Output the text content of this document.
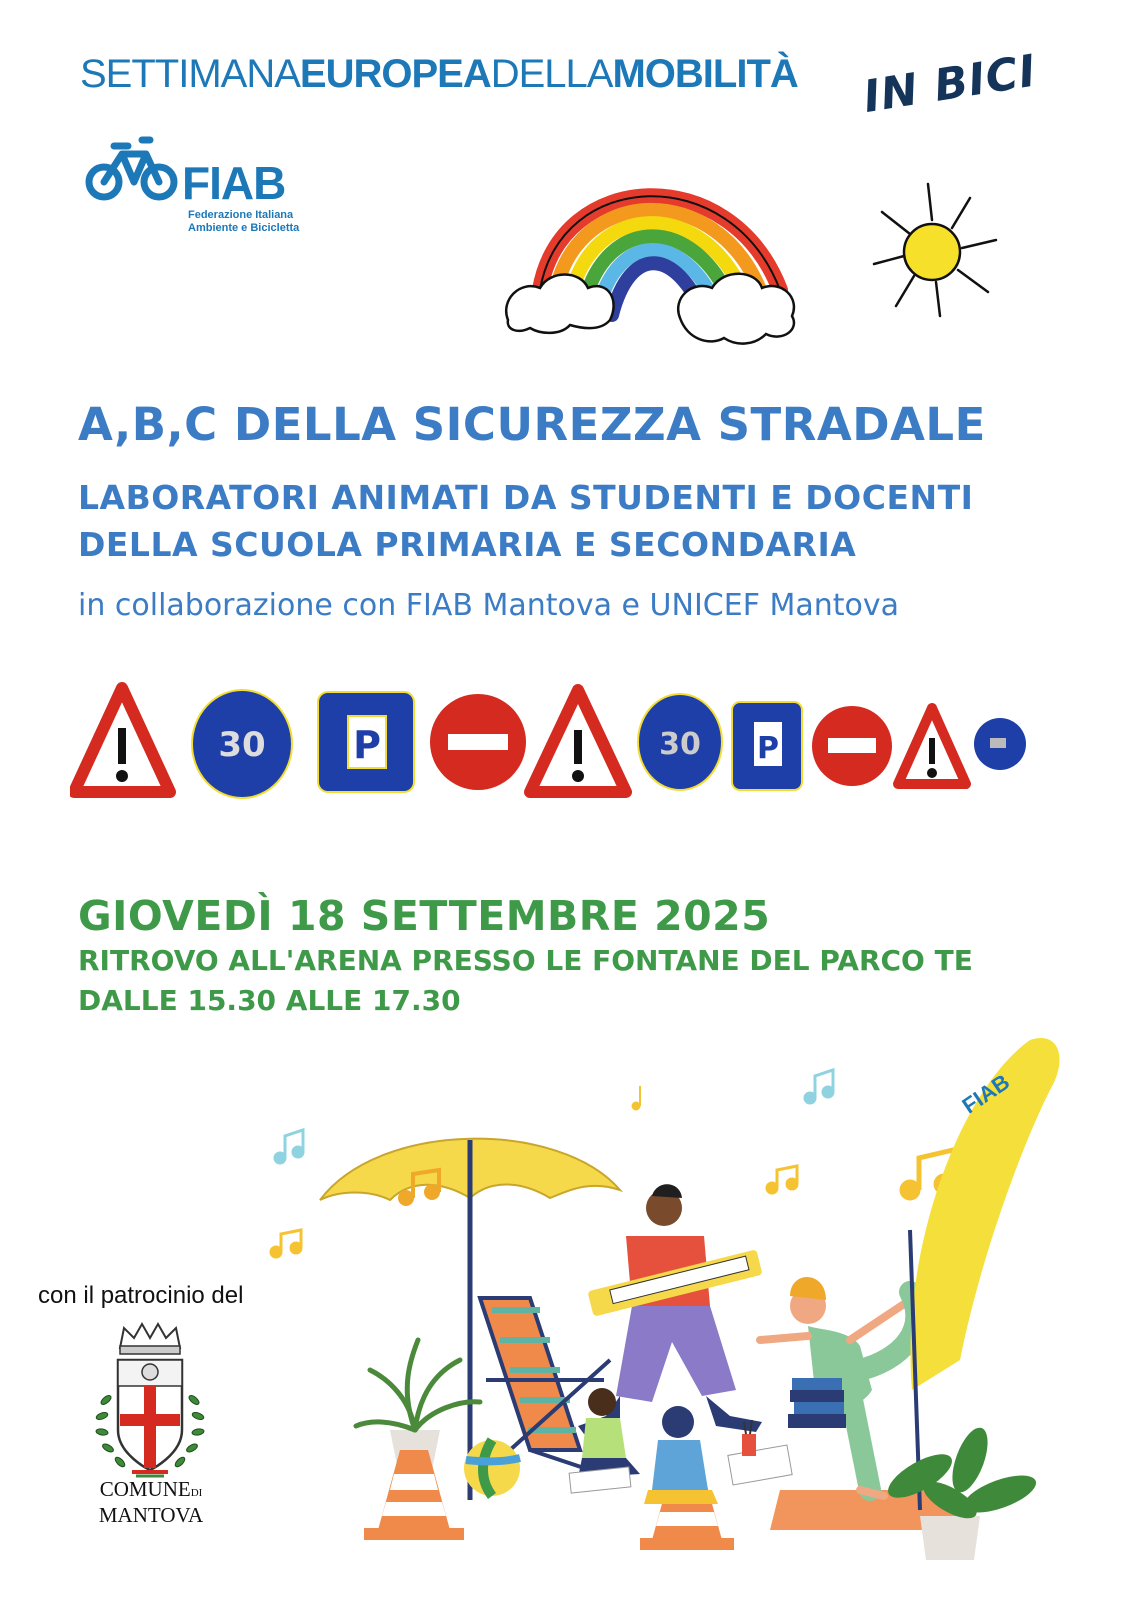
SETTIMANAEUROPEADELLAMOBILITÀ IN BICI
FIAB
Federazione Italiana
Ambiente e Bicicletta
A,B,C DELLA SICUREZZA STRADALE
LABORATORI ANIMATI DA STUDENTI E DOCENTI
DELLA SCUOLA PRIMARIA E SECONDARIA
in collaborazione con FIAB Mantova e UNICEF Mantova
30 P	30 P
GIOVEDÌ 18 SETTEMBRE 2025
RITROVO ALL'ARENA PRESSO LE FONTANE DEL PARCO TE
DALLE 15.30 ALLE 17.30
con il patrocinio del
COMUNEDI
MANTOVA
FIAB
